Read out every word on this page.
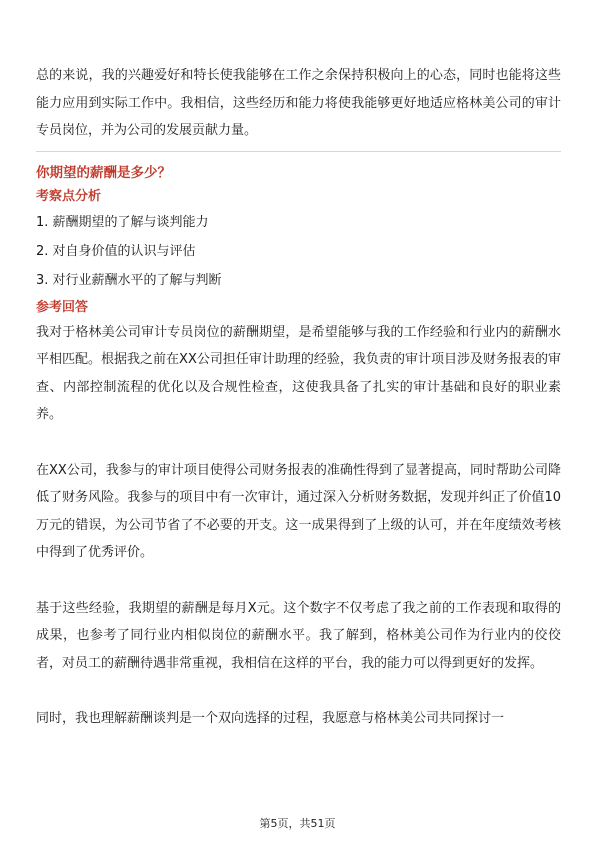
总的来说，我的兴趣爱好和特长使我能够在工作之余保持积极向上的心态，同时也能将这些能力应用到实际工作中。我相信，这些经历和能力将使我能够更好地适应格林美公司的审计专员岗位，并为公司的发展贡献力量。

你期望的薪酬是多少？

考察点分析

1. 薪酬期望的了解与谈判能力

2. 对自身价值的认识与评估

3. 对行业薪酬水平的了解与判断

参考回答

我对于格林美公司审计专员岗位的薪酬期望，是希望能够与我的工作经验和行业内的薪酬水平相匹配。根据我之前在XX公司担任审计助理的经验，我负责的审计项目涉及财务报表的审查、内部控制流程的优化以及合规性检查，这使我具备了扎实的审计基础和良好的职业素养。

在XX公司，我参与的审计项目使得公司财务报表的准确性得到了显著提高，同时帮助公司降低了财务风险。我参与的项目中有一次审计，通过深入分析财务数据，发现并纠正了价值10万元的错误，为公司节省了不必要的开支。这一成果得到了上级的认可，并在年度绩效考核中得到了优秀评价。

基于这些经验，我期望的薪酬是每月X元。这个数字不仅考虑了我之前的工作表现和取得的成果，也参考了同行业内相似岗位的薪酬水平。我了解到，格林美公司作为行业内的佼佼者，对员工的薪酬待遇非常重视，我相信在这样的平台，我的能力可以得到更好的发挥。

同时，我也理解薪酬谈判是一个双向选择的过程，我愿意与格林美公司共同探讨一

第5页，共51页
